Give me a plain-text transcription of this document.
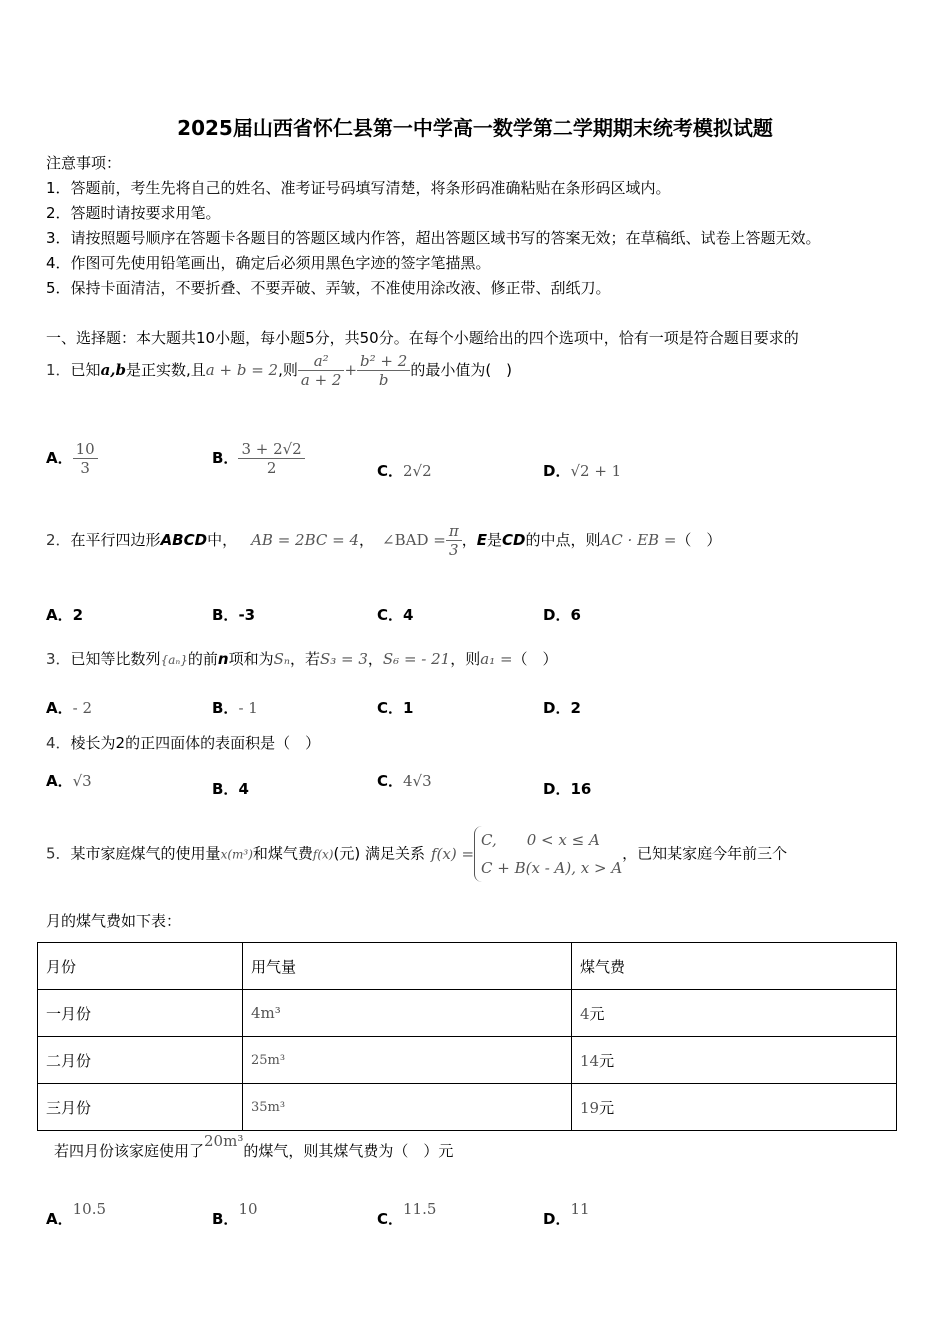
2025届山西省怀仁县第一中学高一数学第二学期期末统考模拟试题
注意事项：
1．答题前，考生先将自己的姓名、准考证号码填写清楚，将条形码准确粘贴在条形码区域内。
2．答题时请按要求用笔。
3．请按照题号顺序在答题卡各题目的答题区域内作答，超出答题区域书写的答案无效；在草稿纸、试卷上答题无效。
4．作图可先使用铅笔画出，确定后必须用黑色字迹的签字笔描黑。
5．保持卡面清洁，不要折叠、不要弄破、弄皱，不准使用涂改液、修正带、刮纸刀。
一、选择题：本大题共10小题，每小题5分，共50分。在每个小题给出的四个选项中，恰有一项是符合题目要求的
1．已知a,b是正实数,且a + b = 2,则 $\frac{\text{a²}}{a + 2} + \frac{\text{b² + 2}}{b}$ 的最小值为(　)
A． $\frac{10}{3}$	B． $\frac{3 + 2√2}{2}$	C．2√2	D．√2 + 1
2．在平行四边形ABCD中， AB = 2BC = 4， ∠BAD = $\frac{\pi}{3}$ ，E是CD的中点，则AC · EB =（　）
A．2	B．-3	C．4	D．6
3．已知等比数列{aₙ}的前n项和为Sₙ，若S₃ = 3，S₆ = - 21，则a₁ =（　）
A．- 2	B．- 1	C．1	D．2
4．棱长为2的正四面体的表面积是（　）
A．√3	B．4	C．4√3	D．16
5．某市家庭煤气的使用量x(m³)和煤气费f(x)(元) 满足关系 f(x) =
C,　　0 < x ≤ A
C + B(x - A), x > A
，已知某家庭今年前三个
月的煤气费如下表：
月份	用气量	煤气费
一月份	4m³	4元
二月份	25m³	14元
三月份	35m³	19元
若四月份该家庭使用了20m³的煤气，则其煤气费为（　）元
A．10.5
B．10
C．11.5
D．11
